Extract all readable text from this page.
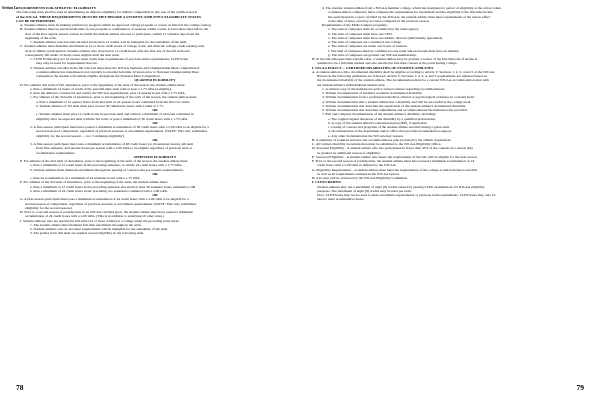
Section L REQUIREMENTS FOR ATHLETIC ELIGIBILITY
The following rules shall be used in determining an athlete's eligibility for athletic competition in any one of the certified sports
of the NJCAA. THESE REQUIREMENTS MUST BE MET BEFORE A STUDENT-ATHLETE'S ELIGIBILITY STATUS
CAN BE DETERMINED.
A. Student-athletes must be making satisfactory progress within an approved college program or course as listed in the college catalog.
B. Student-athletes must be enrolled full-time in one program or combination of sessions within a term, at least three days before the
start of the first regular season contest in which the student-athlete chooses to participate, within 15 calendar days from the
beginning of the term.
1. Student-athletes who become enrolled in less than 12 credits will be ineligible for the remainder of the term.
C. Student-athletes must maintain enrollment in 12 or more credit hours of college work, and limit the college-credit earning each
term of athletic participation. Student-athletes who drop below 12 credit hours after the first day of the fall term and
consequently fall under 12 hours cease eligible until the next term.
1. CLEP Exams may not be used to meet credit hour requirements of previous terms requirements. CLEP hours
may only be used for requirements that are.
2. Student-athletes enrolled in the fall who fail must meet the NJCAA Semester and Championship Meet competition if
a student-athlete has transitioned and currently is enrolled full-time 12 hours prior to National Championship Meet
competition the student will remain eligible throughout the National Meet Competition.
QUARTER ELIGIBILITY
D. For athletes 2nd term of full attendance, prior to the beginning of the term of the season, the student-athlete must:
a. Pass a minimum 12 hours of credit of the past full-time term with at least a 1.75 GPA (4 eligible).
b. Pass the athletics coursework and satisfy the NJCAA requirements; pass 12 quarter hours with a 1.75 GPA.
c. For athletes of the 3rd term of attendance, prior to the beginning of the term of the season, the student-athlete must:
a. Pass a minimum of 12 quarter hours from 2nd term or 24 quarter hours combined from the first two terms.
b. Student-athletes of 3rd term must pass at least 36 cumulative hours with a GPA of 1.75.
OR
c. Student-athletes must pass 12 credit hours in previous term and achieve a minimum of 24 hours combined in
eligibility after an expected term with the 3rd term; or pass a minimum of 36 credit hours with a 1.75 GPA.
OR
2. A first-season participant must have passed a minimum accumulation of 36 credit hours with a 2.00 GPA to be eligible for a
second-season of competition, regardless of previous sessions or enrollment requirements. (NOTE: This only establishes
eligibility for the second season — not 'continuing eligibility')
OR
3. A first-season participant must pass a minimum accumulation of 48 credit hours (or 24 semester hours), 4th term
from first semester, 2nd quarter hours per season with a 2.00 GPA to be eligible regardless of previous term or
accumulation requirements.
SEMESTER ELIGIBILITY
E. For athletes of the 2nd term of attendance, prior to the beginning of the term of the season, the student-athlete must:
a. Pass a minimum of 12 credit hours in the preceding semester; or satisfy 24 credit hours with a 1.75 GPA.
b. Student-athletes must maintain enrollment through the passing of coursework (see transfer requirements).
OR
c. Pass an accumulation of a minimum of 24 semester hours with a 1.75 GPA.
F. For athletes of the 3rd term of attendance, prior to the beginning of the term, the student-athlete must:
a. Pass a minimum of 12 credit hours in the preceding semester and attain at least 36 semester hours cumulative, OR
b. Pass a minimum of 24 credit hours in the preceding two semesters combined with a 2.00 GPA.
OR
G. A first-season participant must pass a minimum accumulation of 24 credit hours with a 2.00 GPA to be eligible for a
second-season of competition, regardless of previous sessions or enrollment requirements. (NOTE: This only establishes
eligibility for the second season.)
H. Prior to a second season of participation in an NJCAA certified sport, the student-athlete must have passed a minimum
accumulation of 24 credit hours with a 2.00 GPA. (This is in addition to satisfying all other rules.)
I. Student-athletes who are enrolled in full-time (12 or more credits) at a college when the preceding term starts:
1. The student-athlete must maintain full-time enrollment throughout the term.
2. Student-athletes who do not meet requirements will be ineligible for the remainder of the term.
3. The grades from this term are applied toward eligibility in the following term.
78
4. The transfer student-athlete from a NJCAA member college, which has designated a period of eligibility at the school when
a student-athlete competed, must complete the requirements for enrollment and the eligibility is the first time he/she
has participated in a sport certified by the NJCAA; the student-athlete must meet requirements of the rule in effect
at the time of entry, and may not have competed in the previous season.
Requirements of the Multi-Campus programs:
a. The sum of campuses must be accredited by the same agency.
b. The sum of campuses must have one CEO.
c. The sum of campuses must have one athletic director (individually appointed).
d. The sum of campuses are considered one college.
e. The sum of campuses are under one board of trustees.
f. The sum of campuses must be combined as one team and each team must have an identity.
g. The sum of campuses are granted one NJCAA membership.
H. In the full-time/part-time transfer rules, a student-athlete may be granted a waiver of the full-time rule if he/she is
qualified to be a full-time student and also enrolled in full-time courses at the participating college.
I. NJCAA POLICY ... CERTIFIED DISABILITIES OF STUDENT-ATHLETES
A. A student-athlete with a documented disability shall be eligible according to Article V, Sections 1, 2, 3, 4 and 5 of the NJCAA
Bylaws in the following guidelines are followed. Article V, Sections 1, 2, 3, 4, and 5 requirements are adjusted based on
the documented disability of the student-athlete. The documentation must be a current NJCAA accommodation plan with
the student-athlete's individualized student plan.
1. A written copy of the institution's policy and procedures regarding accommodations.
2. Written documentation of student's academic documented disability.
3. Written documentation from a professional medical, clinical or psychological evaluator in a related field.
4. Written documentation that a student-athlete has a disability and will be successful at the college level.
5. Written documentation that describes the application of the student-athlete's documented disability.
6. Written documentation that describes adjustments and accommodations the institution has provided.
7. Full and complete documentation of the student-athlete's disability, including:
a. The original signed diagnosis of the disability by a qualified professional.
b. A copy of the student-athlete's educational plan (IEP), if applicable.
c. Listing of courses and programs of the student-athlete enrolled during a given term.
d. Documentation of the department and/or office that provides documentation support.
e. Any other documentation the NJCAA may request.
B. A summary of required services and accommodations plan provided by the athletic department.
C. All written disability documentation must be submitted to the NJCAA Eligibility Office.
D. Seasonal Eligibility - A student-athlete who has participated in fewer than 50% of the contests in a season may
be granted an additional season of eligibility.
E. Seasonal Eligibility - A student-athlete who meets the requirements of the rule will be eligible for the next season.
F. Prior to the second season of participation, the student-athlete must have passed a minimum accumulation of 24
credit hours with a 2.00 GPA as defined by the NJCAA.
G. Eligibility Requirements - A student-athlete must meet the requirements of the college at which he/she is enrolled
as well as all requirements outlined in the NJCAA bylaws.
H. All cases will be reviewed by the NJCAA Eligibility Committee.
I. CLEP CREDITS
Student-athletes may use a maximum of eight (8) credits earned by passing CLEP examinations for NJCAA eligibility
purposes. The maximum of eight (8) credits may be used per term.
Note: CLEP hours may not be used to meet enrollment requirements or previous term requirements. CLEP hours may only be
used to meet accumulative hours.
79
